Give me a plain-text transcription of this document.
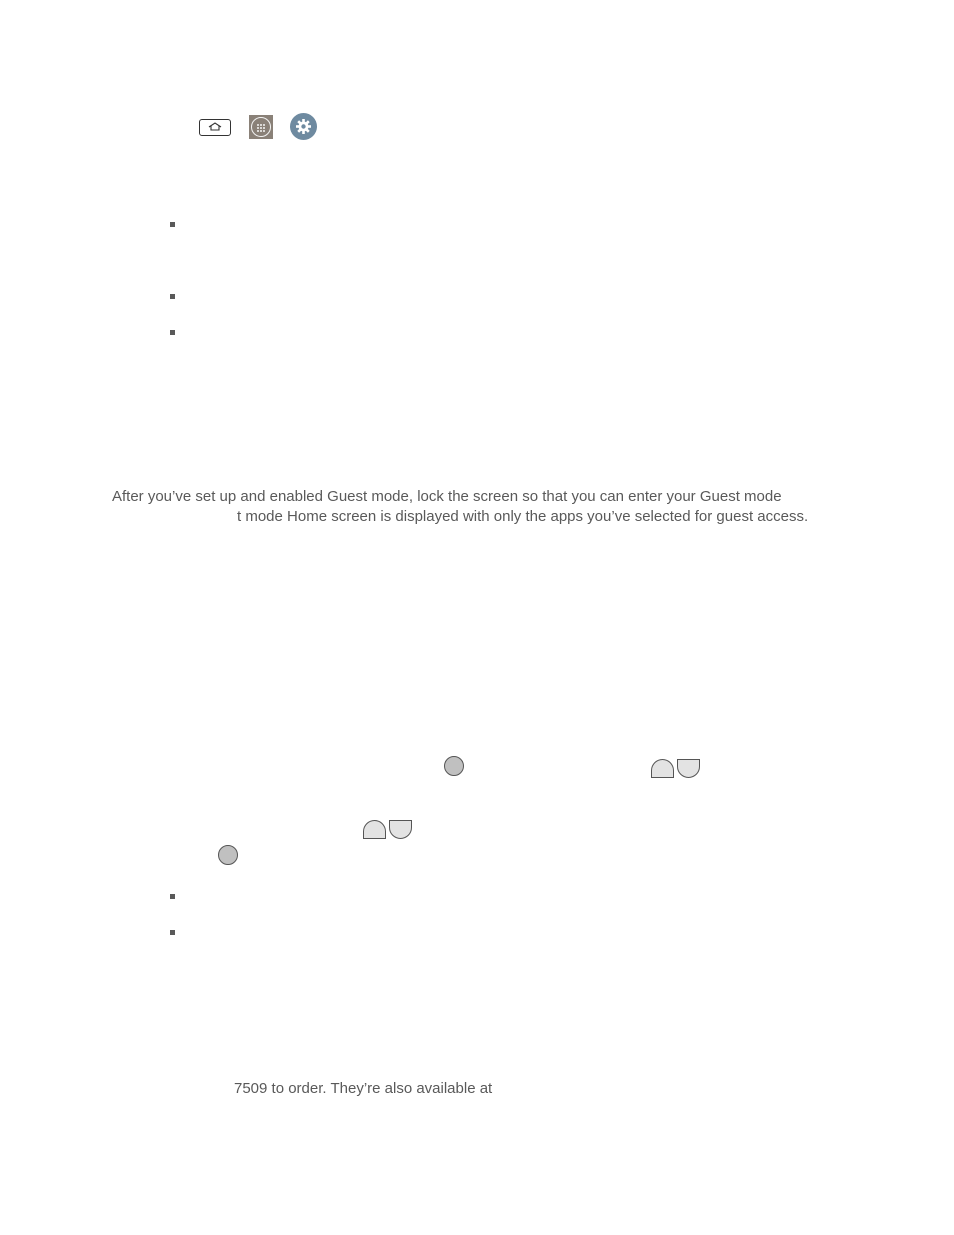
After you’ve set up and enabled Guest mode, lock the screen so that you can enter your Guest mode
t mode Home screen is displayed with only the apps you’ve selected for guest access.
7509 to order. They’re also available at
